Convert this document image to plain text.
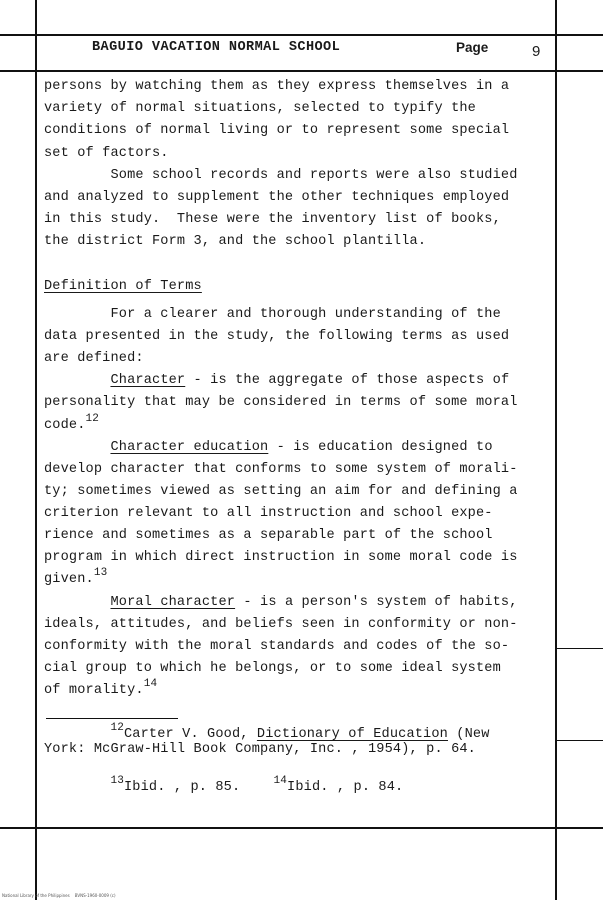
BAGUIO VACATION NORMAL SCHOOL	Page	9
persons by watching them as they express themselves in a
variety of normal situations, selected to typify the
conditions of normal living or to represent some special
set of factors.
Some school records and reports were also studied
and analyzed to supplement the other techniques employed
in this study.  These were the inventory list of books,
the district Form 3, and the school plantilla.
Definition of Terms
For a clearer and thorough understanding of the
data presented in the study, the following terms as used
are defined:
Character - is the aggregate of those aspects of
personality that may be considered in terms of some moral
code.$^{12}$
Character education - is education designed to
develop character that conforms to some system of morali-
ty; sometimes viewed as setting an aim for and defining a
criterion relevant to all instruction and school expe-
rience and sometimes as a separable part of the school
program in which direct instruction in some moral code is
given.$^{13}$
Moral character - is a person's system of habits,
ideals, attitudes, and beliefs seen in conformity or non-
conformity with the moral standards and codes of the so-
cial group to which he belongs, or to some ideal system
of morality.$^{14}$
$^{12}$Carter V. Good, Dictionary of Education (New
York: McGraw-Hill Book Company, Inc. , 1954), p. 64.
$^{13}$Ibid. , p. 85.	$^{14}$Ibid. , p. 84.
National Library of the Philippines    BVNS-1960-0009 (c)
